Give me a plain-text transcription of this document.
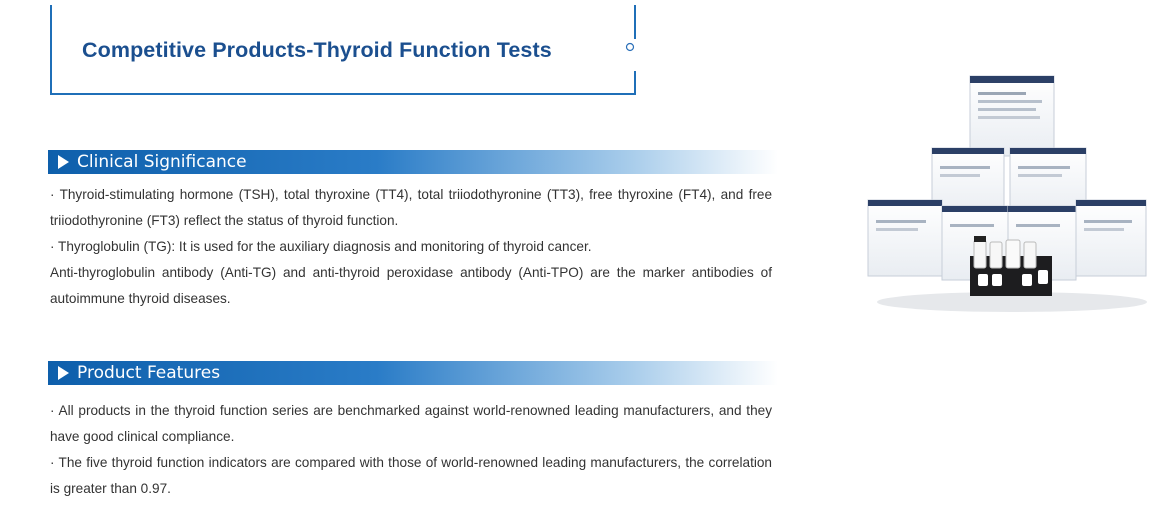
Competitive Products-Thyroid Function Tests
Clinical Significance

· Thyroid-stimulating hormone (TSH), total thyroxine (TT4), total triiodothyronine (TT3), free thyroxine (FT4), and free triiodothyronine (FT3) reflect the status of thyroid function.

· Thyroglobulin (TG): It is used for the auxiliary diagnosis and monitoring of thyroid cancer.

Anti-thyroglobulin antibody (Anti-TG) and anti-thyroid peroxidase antibody (Anti-TPO) are the marker antibodies of autoimmune thyroid diseases.

Product Features

· All products in the thyroid function series are benchmarked against world-renowned leading manufacturers, and they have good clinical compliance.

· The five thyroid function indicators are compared with those of world-renowned leading manufacturers, the correlation is greater than 0.97.
